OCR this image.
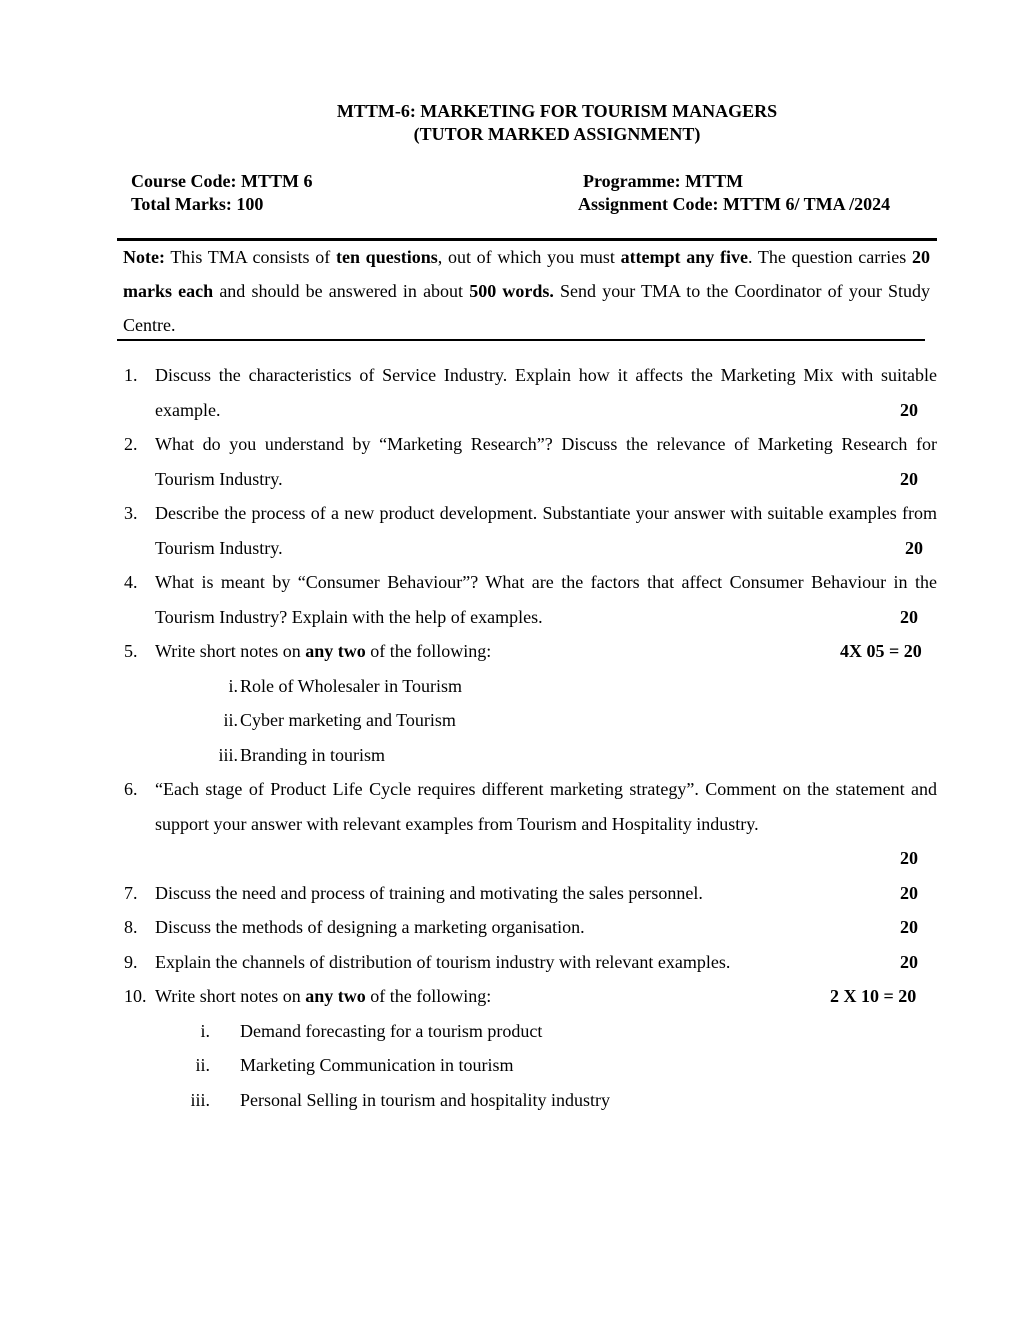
MTTM-6: MARKETING FOR TOURISM MANAGERS
(TUTOR MARKED ASSIGNMENT)
Course Code: MTTM 6	Programme: MTTM
Total Marks: 100	Assignment Code: MTTM 6/ TMA /2024
Note: This TMA consists of ten questions, out of which you must attempt any five. The question carries 20 marks each and should be answered in about 500 words. Send your TMA to the Coordinator of your Study Centre.
1. Discuss the characteristics of Service Industry. Explain how it affects the Marketing Mix with suitable example.	20
2. What do you understand by “Marketing Research”? Discuss the relevance of Marketing Research for Tourism Industry.	20
3. Describe the process of a new product development. Substantiate your answer with suitable examples from Tourism Industry.	20
4. What is meant by “Consumer Behaviour”? What are the factors that affect Consumer Behaviour in the Tourism Industry? Explain with the help of examples.	20
5. Write short notes on any two of the following:	4X 05 = 20
i. Role of Wholesaler in Tourism
ii. Cyber marketing and Tourism
iii. Branding in tourism
6. “Each stage of Product Life Cycle requires different marketing strategy”. Comment on the statement and support your answer with relevant examples from Tourism and Hospitality industry.
20
7. Discuss the need and process of training and motivating the sales personnel.	20
8. Discuss the methods of designing a marketing organisation.	20
9. Explain the channels of distribution of tourism industry with relevant examples.	20
10. Write short notes on any two of the following:	2 X 10 = 20
i. Demand forecasting for a tourism product
ii. Marketing Communication in tourism
iii. Personal Selling in tourism and hospitality industry
